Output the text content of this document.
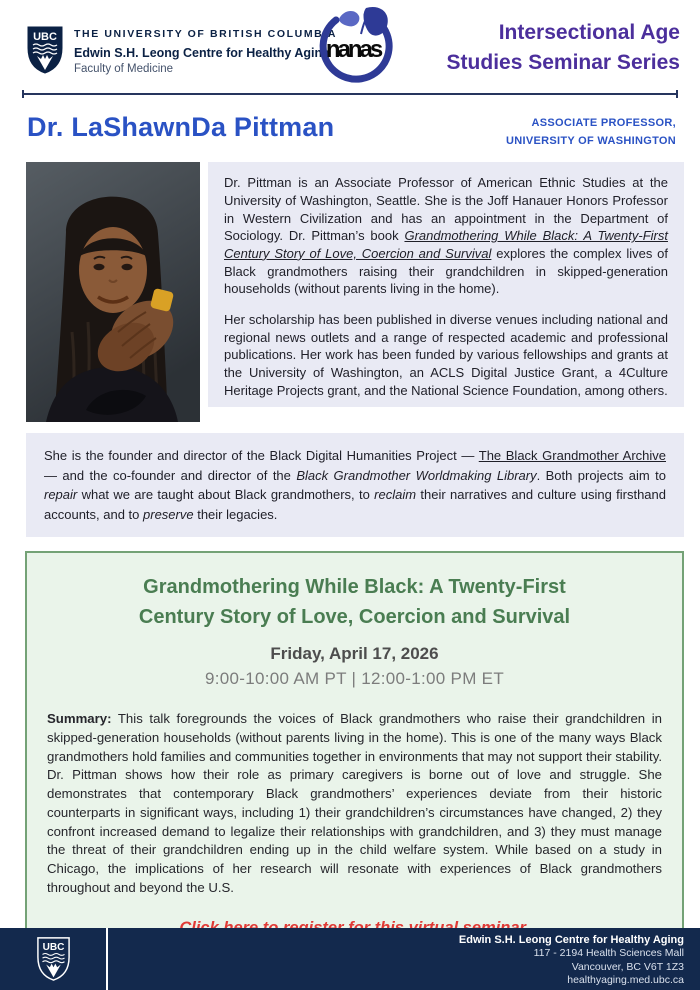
UBC THE UNIVERSITY OF BRITISH COLUMBIA
Edwin S.H. Leong Centre for Healthy Aging
Faculty of Medicine
nanas
Intersectional Age
Studies Seminar Series
Dr. LaShawnDa Pittman	ASSOCIATE PROFESSOR,
UNIVERSITY OF WASHINGTON

Dr. Pittman is an Associate Professor of American Ethnic Studies at the University of Washington, Seattle. She is the Joff Hanauer Honors Professor in Western Civilization and has an appointment in the Department of Sociology. Dr. Pittman’s book Grandmothering While Black: A Twenty-First Century Story of Love, Coercion and Survival explores the complex lives of Black grandmothers raising their grandchildren in skipped-generation households (without parents living in the home).

Her scholarship has been published in diverse venues including national and regional news outlets and a range of respected academic and professional publications. Her work has been funded by various fellowships and grants at the University of Washington, an ACLS Digital Justice Grant, a 4Culture Heritage Projects grant, and the National Science Foundation, among others.

She is the founder and director of the Black Digital Humanities Project — The Black Grandmother Archive — and the co-founder and director of the Black Grandmother Worldmaking Library. Both projects aim to repair what we are taught about Black grandmothers, to reclaim their narratives and culture using firsthand accounts, and to preserve their legacies.

Grandmothering While Black: A Twenty-First Century Story of Love, Coercion and Survival
Friday, April 17, 2026
9:00-10:00 AM PT | 12:00-1:00 PM ET

Summary: This talk foregrounds the voices of Black grandmothers who raise their grandchildren in skipped-generation households (without parents living in the home). This is one of the many ways Black grandmothers hold families and communities together in environments that may not support their stability. Dr. Pittman shows how their role as primary caregivers is borne out of love and struggle. She demonstrates that contemporary Black grandmothers’ experiences deviate from their historic counterparts in significant ways, including 1) their grandchildren’s circumstances have changed, 2) they confront increased demand to legalize their relationships with grandchildren, and 3) they must manage the threat of their grandchildren ending up in the child welfare system. While based on a study in Chicago, the implications of her research will resonate with experiences of Black grandmothers throughout and beyond the U.S.

UBC
Edwin S.H. Leong Centre for Healthy Aging
117 - 2194 Health Sciences Mall
Vancouver, BC V6T 1Z3
healthyaging.med.ubc.ca
